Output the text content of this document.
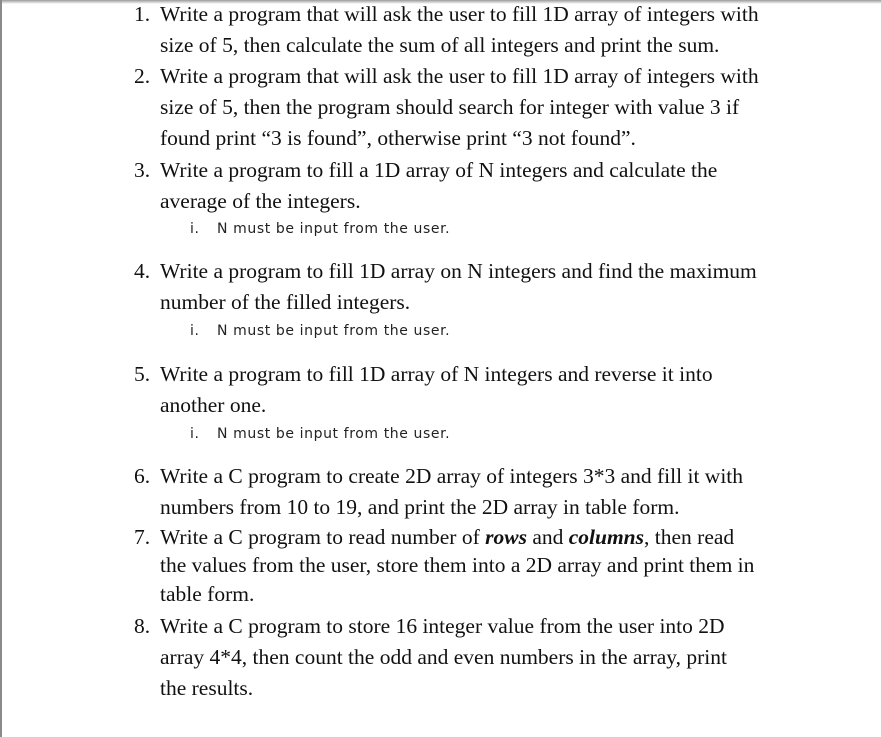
1. Write a program that will ask the user to fill 1D array of integers with
size of 5, then calculate the sum of all integers and print the sum.
2. Write a program that will ask the user to fill 1D array of integers with
size of 5, then the program should search for integer with value 3 if
found print “3 is found”, otherwise print “3 not found”.
3. Write a program to fill a 1D array of N integers and calculate the
average of the integers.
i. N must be input from the user.
4. Write a program to fill 1D array on N integers and find the maximum
number of the filled integers.
i. N must be input from the user.
5. Write a program to fill 1D array of N integers and reverse it into
another one.
i. N must be input from the user.
6. Write a C program to create 2D array of integers 3*3 and fill it with
numbers from 10 to 19, and print the 2D array in table form.
7. Write a C program to read number of rows and columns, then read
the values from the user, store them into a 2D array and print them in
table form.
8. Write a C program to store 16 integer value from the user into 2D
array 4*4, then count the odd and even numbers in the array, print
the results.
